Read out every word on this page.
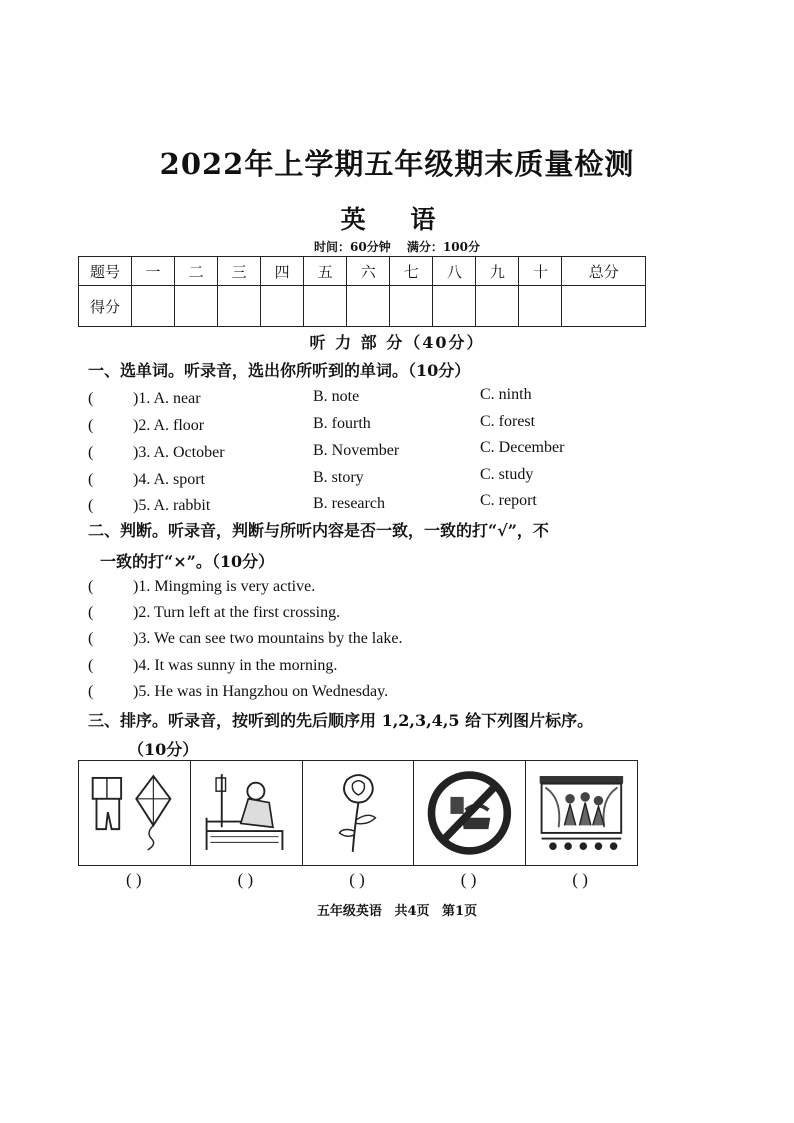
2022年上学期五年级期末质量检测
英 语
时间：60分钟 满分：100分
题号	一	二	三	四	五	六	七	八	九	十	总分
得分											
听 力 部 分（40分）
一、选单词。听录音，选出你所听到的单词。（10分）
( )1. A. near	B. note	C. ninth
( )2. A. floor	B. fourth	C. forest
( )3. A. October	B. November	C. December
( )4. A. sport	B. story	C. study
( )5. A. rabbit	B. research	C. report
二、判断。听录音，判断与所听内容是否一致，一致的打“√”，不
一致的打“×”。（10分）
( )1. Mingming is very active.
( )2. Turn left at the first crossing.
( )3. We can see two mountains by the lake.
( )4. It was sunny in the morning.
( )5. He was in Hangzhou on Wednesday.
三、排序。听录音，按听到的先后顺序用 1,2,3,4,5 给下列图片标序。
（10分）
( )	( )	( )	( )	( )
五年级英语 共4页 第1页
